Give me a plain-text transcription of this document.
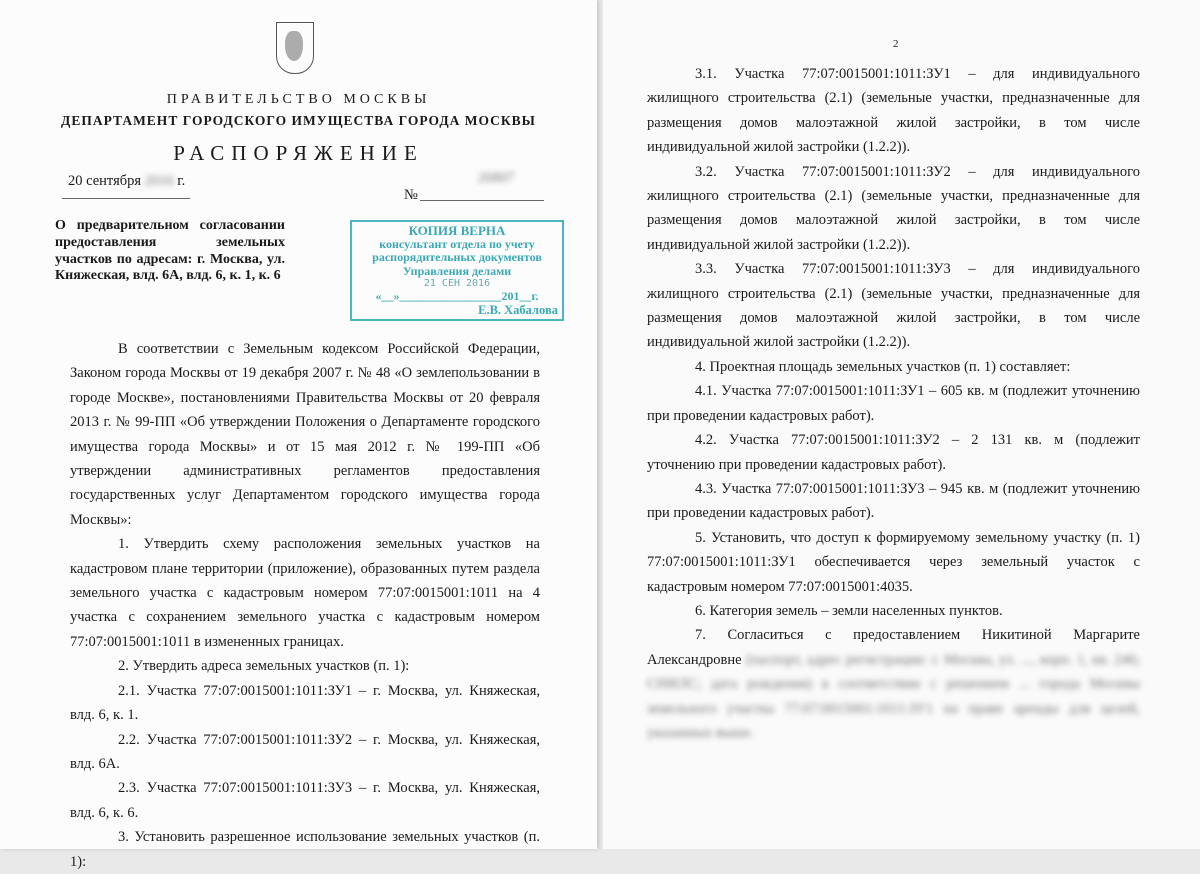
ПРАВИТЕЛЬСТВО МОСКВЫ
ДЕПАРТАМЕНТ ГОРОДСКОГО ИМУЩЕСТВА ГОРОДА МОСКВЫ
РАСПОРЯЖЕНИЕ
20 сентября 2016 г.	26807
№
О предварительном согласовании предоставления земельных участков по адресам: г. Москва, ул. Княжеская, влд. 6А, влд. 6, к. 1, к. 6
КОПИЯ ВЕРНА
консультант отдела по учету
распорядительных документов
Управления делами
21 СЕН 2016
«__»_________________201__г.
Е.В. Хабалова
В соответствии с Земельным кодексом Российской Федерации, Законом города Москвы от 19 декабря 2007 г. № 48 «О землепользовании в городе Москве», постановлениями Правительства Москвы от 20 февраля 2013 г. № 99-ПП «Об утверждении Положения о Департаменте городского имущества города Москвы» и от 15 мая 2012 г. № 199-ПП «Об утверждении административных регламентов предоставления государственных услуг Департаментом городского имущества города Москвы»:
1. Утвердить схему расположения земельных участков на кадастровом плане территории (приложение), образованных путем раздела земельного участка с кадастровым номером 77:07:0015001:1011 на 4 участка с сохранением земельного участка с кадастровым номером 77:07:0015001:1011 в измененных границах.
2. Утвердить адреса земельных участков (п. 1):
2.1. Участка 77:07:0015001:1011:ЗУ1 – г. Москва, ул. Княжеская, влд. 6, к. 1.
2.2. Участка 77:07:0015001:1011:ЗУ2 – г. Москва, ул. Княжеская, влд. 6А.
2.3. Участка 77:07:0015001:1011:ЗУ3 – г. Москва, ул. Княжеская, влд. 6, к. 6.
3. Установить разрешенное использование земельных участков (п. 1):
2
3.1. Участка 77:07:0015001:1011:ЗУ1 – для индивидуального жилищного строительства (2.1) (земельные участки, предназначенные для размещения домов малоэтажной жилой застройки, в том числе индивидуальной жилой застройки (1.2.2)).
3.2. Участка 77:07:0015001:1011:ЗУ2 – для индивидуального жилищного строительства (2.1) (земельные участки, предназначенные для размещения домов малоэтажной жилой застройки, в том числе индивидуальной жилой застройки (1.2.2)).
3.3. Участка 77:07:0015001:1011:ЗУ3 – для индивидуального жилищного строительства (2.1) (земельные участки, предназначенные для размещения домов малоэтажной жилой застройки, в том числе индивидуальной жилой застройки (1.2.2)).
4. Проектная площадь земельных участков (п. 1) составляет:
4.1. Участка 77:07:0015001:1011:ЗУ1 – 605 кв. м (подлежит уточнению при проведении кадастровых работ).
4.2. Участка 77:07:0015001:1011:ЗУ2 – 2 131 кв. м (подлежит уточнению при проведении кадастровых работ).
4.3. Участка 77:07:0015001:1011:ЗУ3 – 945 кв. м (подлежит уточнению при проведении кадастровых работ).
5. Установить, что доступ к формируемому земельному участку (п. 1) 77:07:0015001:1011:ЗУ1 обеспечивается через земельный участок с кадастровым номером 77:07:0015001:4035.
6. Категория земель – земли населенных пунктов.
7. Согласиться с предоставлением Никитиной Маргарите Александровне (паспорт, адрес регистрации: г. Москва, ул. ..., корп. 1, кв. 246; СНИЛС; дата рождения) в соответствии с решением ... города Москвы земельного участка 77:07:0015001:1011:ЗУ1 на праве аренды для целей, указанных выше.
